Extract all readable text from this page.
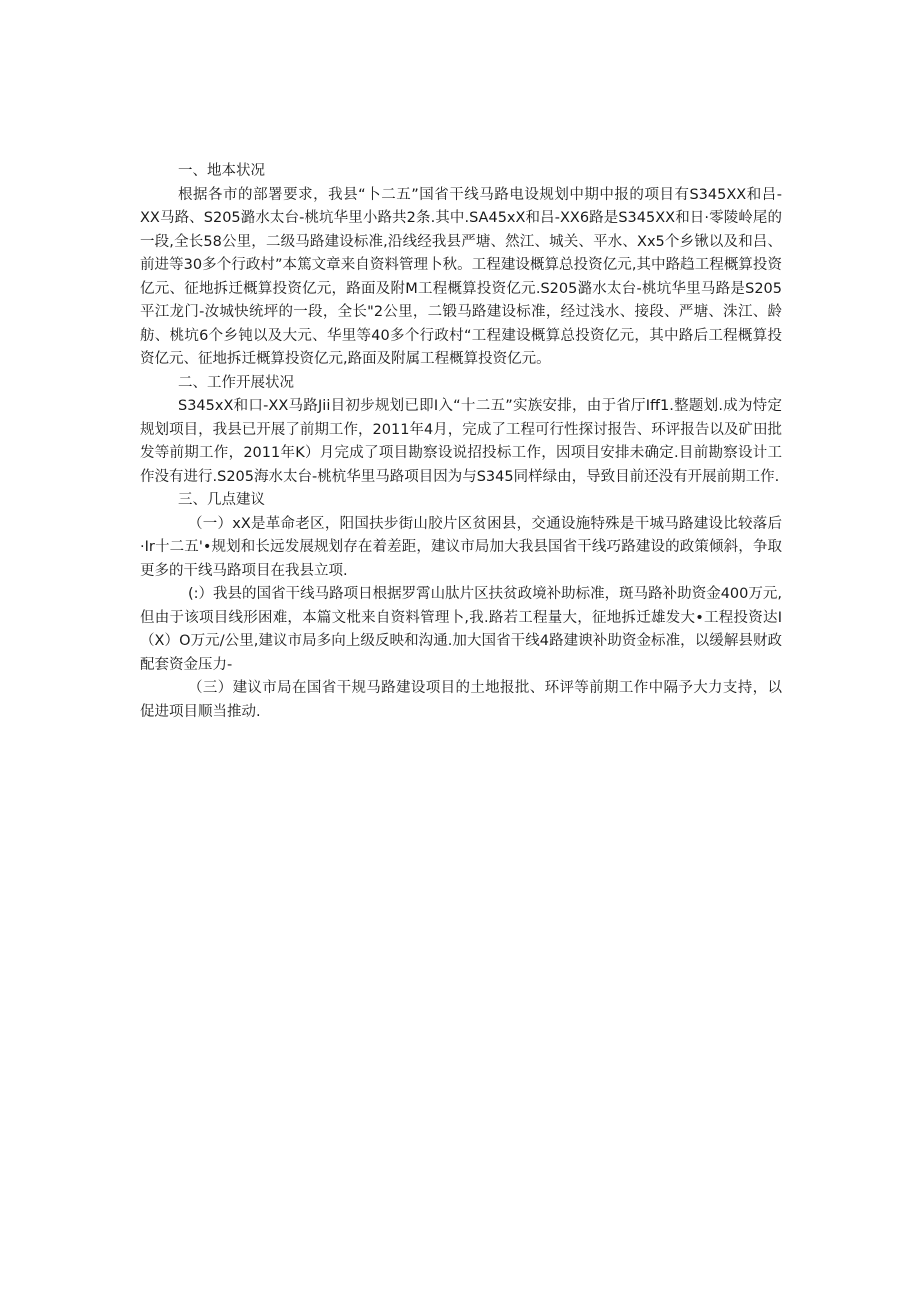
一、地本状况

根据各市的部署要求，我县“卜二五”国省干线马路电设规划中期中报的项目有S345XX和吕-XX马路、S205潞水太台-桃坑华里小路共2条.其中.SA45xX和吕-XX6路是S345XX和日·零陵岭尾的一段,全长58公里，二级马路建设标准,沿线经我县严塘、然江、城关、平水、Xx5个乡锹以及和吕、前进等30多个行政村”本篤文章来自资料管理卜秋。工程建设概算总投资亿元,其中路趋工程概算投资亿元、征地拆迁概算投资亿元，路面及附M工程概算投资亿元.S205潞水太台-桃坑华里马路是S205平江龙门-汝城快统坪的一段，全长"2公里，二锻马路建设标准，经过浅水、接段、严塘、洙江、龄舫、桃坑6个乡钝以及大元、华里等40多个行政村“工程建设概算总投资亿元，其中路后工程概算投资亿元、征地拆迁概算投资亿元,路面及附属工程概算投资亿元。

二、工作开展状况

S345xX和口-XX马路Jii目初步规划已即I入“十二五”实族安排，由于省厅Iff1.整题划.成为恃定规划项目，我县已开展了前期工作，2011年4月，完成了工程可行性探讨报告、环评报告以及矿田批发等前期工作，2011年K）月完成了项目勘察设说招投标工作，因项目安排未确定.目前勘察设计工作没有进行.S205海水太台-桃杭华里马路项目因为与S345同样绿由，导致目前还没有开展前期工作.

三、几点建议

（一）xX是革命老区，阳国扶步街山胶片区贫困县，交通设施特殊是干城马路建设比较落后·Ir十二五'•规划和长远发展规划存在着差距，建议市局加大我县国省干线巧路建设的政策倾斜，争取更多的干线马路项目在我县立项.

(:）我县的国省干线马路项日根据罗霄山肽片区扶贫政境补助标准，斑马路补助资金400万元,但由于该项目线形困难，本篇文枇来自资料管理卜,我.路若工程量大，征地拆迁雄发大•工程投资达I（X）O万元/公里,建议市局多向上级反映和沟通.加大国省干线4路建谀补助资金标准，以缓解县财政配套资金压力-

（三）建议市局在国省干规马路建设项目的土地报批、环评等前期工作中隔予大力支持，以促进项目顺当推动.
